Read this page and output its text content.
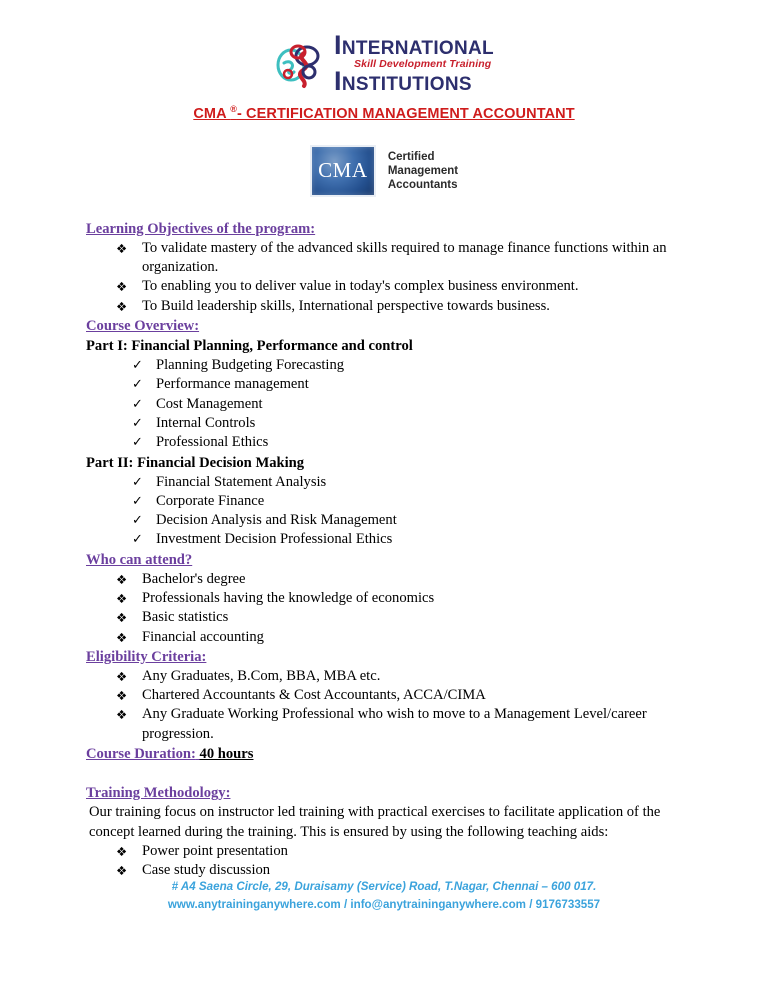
I NTERNATIONAL
Skill Development Training
I NSTITUTIONS
CMA ®- CERTIFICATION MANAGEMENT ACCOUNTANT
CMA
Certified
Management
Accountants
Learning Objectives of the program:
❖ To validate mastery of the advanced skills required to manage finance functions within an organization.
❖ To enabling you to deliver value in today's complex business environment.
❖ To Build leadership skills, International perspective towards business.
Course Overview:
Part I: Financial Planning, Performance and control
✓ Planning Budgeting Forecasting
✓ Performance management
✓ Cost Management
✓ Internal Controls
✓ Professional Ethics
Part II: Financial Decision Making
✓ Financial Statement Analysis
✓ Corporate Finance
✓ Decision Analysis and Risk Management
✓ Investment Decision Professional Ethics
Who can attend?
❖ Bachelor's degree
❖ Professionals having the knowledge of economics
❖ Basic statistics
❖ Financial accounting
Eligibility Criteria:
❖ Any Graduates, B.Com, BBA, MBA etc.
❖ Chartered Accountants & Cost Accountants, ACCA/CIMA
❖ Any Graduate Working Professional who wish to move to a Management Level/career progression.
Course Duration: 40 hours
Training Methodology:
Our training focus on instructor led training with practical exercises to facilitate application of the concept learned during the training. This is ensured by using the following teaching aids:
❖ Power point presentation
❖ Case study discussion
# A4 Saena Circle, 29, Duraisamy (Service) Road, T.Nagar, Chennai – 600 017.
www.anytraininganywhere.com / info@anytraininganywhere.com / 9176733557
